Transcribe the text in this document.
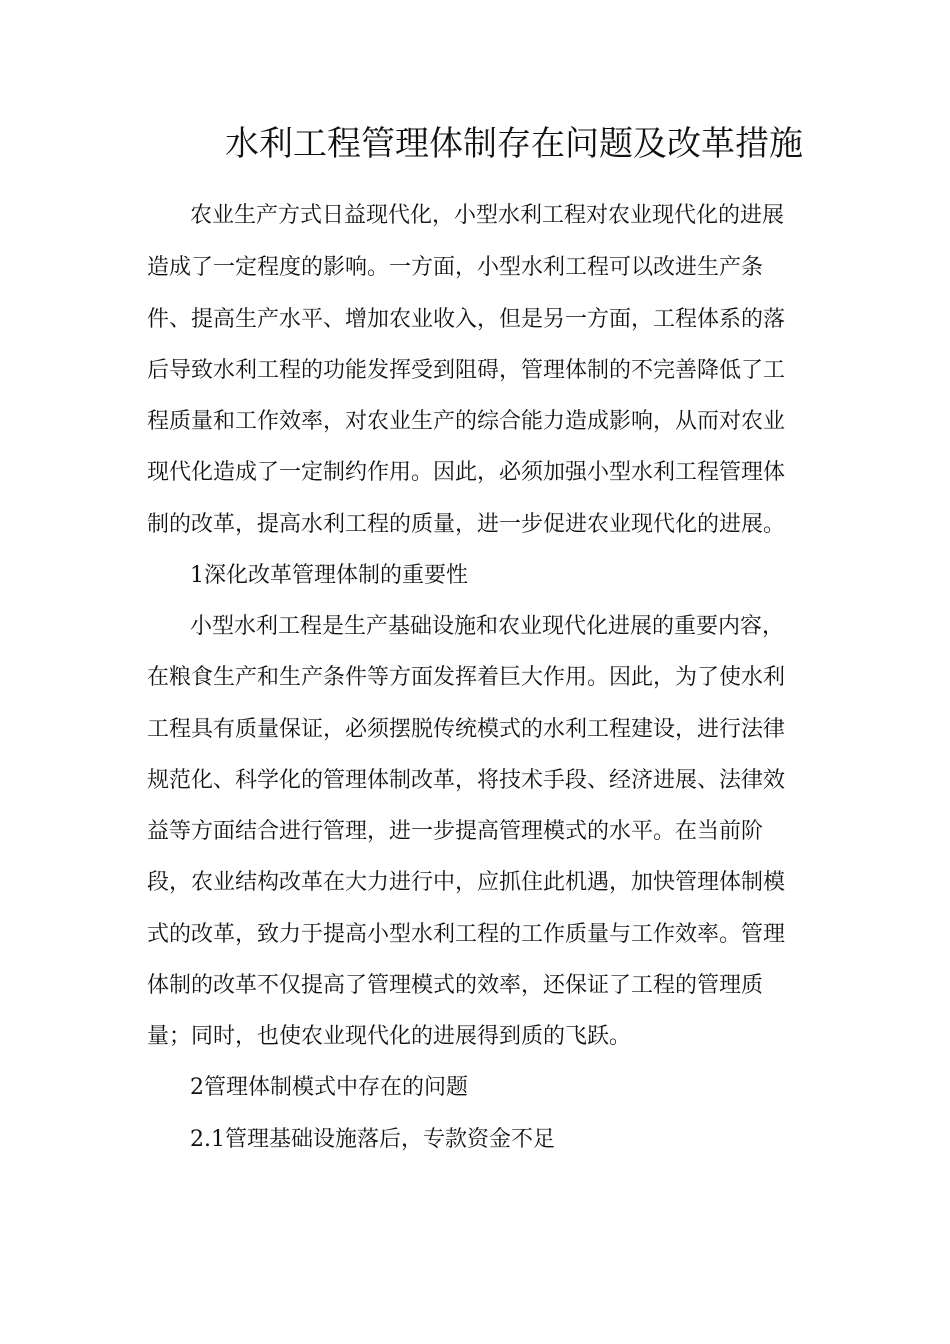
水利工程管理体制存在问题及改革措施
农业生产方式日益现代化，小型水利工程对农业现代化的进展
造成了一定程度的影响。一方面，小型水利工程可以改进生产条
件、提高生产水平、增加农业收入，但是另一方面，工程体系的落
后导致水利工程的功能发挥受到阻碍，管理体制的不完善降低了工
程质量和工作效率，对农业生产的综合能力造成影响，从而对农业
现代化造成了一定制约作用。因此，必须加强小型水利工程管理体
制的改革，提高水利工程的质量，进一步促进农业现代化的进展。
1深化改革管理体制的重要性
小型水利工程是生产基础设施和农业现代化进展的重要内容，
在粮食生产和生产条件等方面发挥着巨大作用。因此，为了使水利
工程具有质量保证，必须摆脱传统模式的水利工程建设，进行法律
规范化、科学化的管理体制改革，将技术手段、经济进展、法律效
益等方面结合进行管理，进一步提高管理模式的水平。在当前阶
段，农业结构改革在大力进行中，应抓住此机遇，加快管理体制模
式的改革，致力于提高小型水利工程的工作质量与工作效率。管理
体制的改革不仅提高了管理模式的效率，还保证了工程的管理质
量；同时，也使农业现代化的进展得到质的飞跃。
2管理体制模式中存在的问题
2.1管理基础设施落后，专款资金不足
